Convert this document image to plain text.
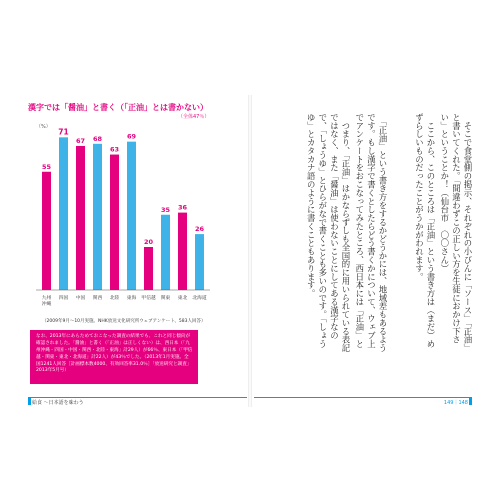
漢字では「醤油」と書く（「正油」とは書かない）
（全体47％）
（%）
55
71
67 68
63
69
20
35 36
26
九州
沖縄
四国 中国 関西 北陸 東海 甲信越 関東 東北 北海道
（2009年9月〜10月実施。NHK放送文化研究所ウェブアンケート、583人回答）
なお、2013年にあらためておこなった調査の結果でも、これと同じ傾向が確認されました。「醤油」と書く（「正油」は正しくない）は、西日本（「九州沖縄・四国・中国・関西・北陸・東海」計29人）が66％、東日本（「甲信越・関東・東北・北海道」計22人）が43％でした。（2013年1月実施。全国1241人回答［計画標本数4000、有効回答率31.0％］「放送研究と調査」2013年5月号）
　そこで食堂側の掲示、それぞれの小びんに「ソース」「正油」と書いてくれた。「間違わずこの正しい方を生徒におかけ下さい」ということか！（仙台市　〇〇さん）
　ここから、このところは「正油」という書き方は（まだ）めずらしいものだったことがうかがわれます。
　「正油」という書き方をするかどうかには、地域差もあるようです。もし漢字で書くとしたらどう書くかについて、ウェブ上でアンケートをおこなってみたところ、西日本には「正油」と
　つまり、「正油」はかならずしも全国的に用いられている表記ではなく、また「醤油」は使わないことにしてある漢字なので、「しょうゆ」とひらがなで書くことも多いのです。「しょうゆ」とカタカナ語のように書くこともあります。
給食 〜日本語を味わう	149｜148
